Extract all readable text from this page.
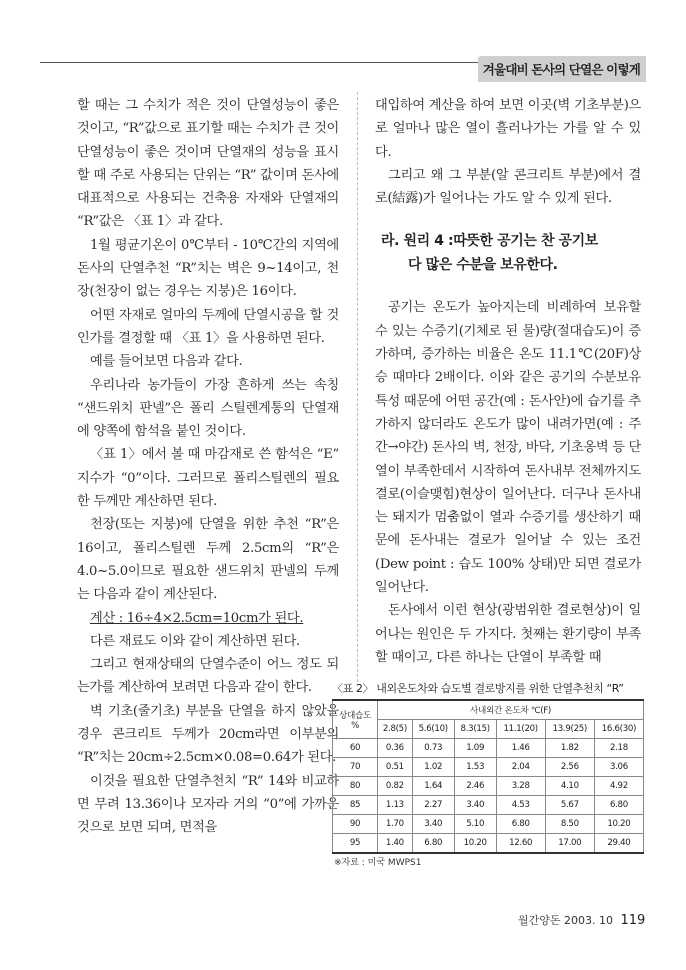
겨울대비 돈사의 단열은 이렇게

할 때는 그 수치가 적은 것이 단열성능이 좋은 것이고, “R”값으로 표기할 때는 수치가 큰 것이 단열성능이 좋은 것이며 단열재의 성능을 표시할 때 주로 사용되는 단위는 “R” 값이며 돈사에 대표적으로 사용되는 건축용 자재와 단열재의 “R”값은 〈표 1〉과 같다.

1월 평균기온이 0℃부터 - 10℃간의 지역에 돈사의 단열추천 “R”치는 벽은 9~14이고, 천장(천장이 없는 경우는 지붕)은 16이다.

어떤 자재로 얼마의 두께에 단열시공을 할 것인가를 결정할 때 〈표 1〉을 사용하면 된다.

예를 들어보면 다음과 같다.

우리나라 농가들이 가장 흔하게 쓰는 속칭 “샌드위치 판넬”은 폴리 스틸렌계통의 단열재에 양쪽에 함석을 붙인 것이다.

〈표 1〉에서 볼 때 마감재로 쓴 함석은 “E” 지수가 “0”이다. 그러므로 폴리스틸렌의 필요한 두께만 계산하면 된다.

천장(또는 지붕)에 단열을 위한 추천 “R”은 16이고, 폴리스틸렌 두께 2.5cm의 “R”은 4.0~5.0이므로 필요한 샌드위치 판넬의 두께는 다음과 같이 계산된다.

계산 : 16÷4×2.5cm=10cm가 된다.

다른 재료도 이와 같이 계산하면 된다.

그리고 현재상태의 단열수준이 어느 정도 되는가를 계산하여 보려면 다음과 같이 한다.

벽 기초(줄기초) 부분을 단열을 하지 않았을 경우 콘크리트 두께가 20cm라면 이부분의 “R”치는 20cm÷2.5cm×0.08=0.64가 된다.

이것을 필요한 단열추천치 “R” 14와 비교하면 무려 13.36이나 모자라 거의 “0”에 가까운 것으로 보면 되며, 면적을

대입하여 계산을 하여 보면 이곳(벽 기초부분)으로 얼마나 많은 열이 흘러나가는 가를 알 수 있다.

그리고 왜 그 부분(알 콘크리트 부분)에서 결로(結露)가 일어나는 가도 알 수 있게 된다.

라. 원리 4 :따뜻한 공기는 찬 공기보
다 많은 수분을 보유한다.

공기는 온도가 높아지는데 비례하여 보유할 수 있는 수증기(기체로 된 물)량(절대습도)이 증가하며, 증가하는 비율은 온도 11.1℃(20F)상승 때마다 2배이다. 이와 같은 공기의 수분보유 특성 때문에 어떤 공간(예 : 돈사안)에 습기를 추가하지 않더라도 온도가 많이 내려가면(예 : 주간→야간) 돈사의 벽, 천장, 바닥, 기초옹벽 등 단열이 부족한데서 시작하여 돈사내부 전체까지도 결로(이슬맺힘)현상이 일어난다. 더구나 돈사내는 돼지가 멈춤없이 열과 수증기를 생산하기 때문에 돈사내는 결로가 일어날 수 있는 조건(Dew point : 습도 100% 상태)만 되면 결로가 일어난다.

돈사에서 이런 현상(광범위한 결로현상)이 일어나는 원인은 두 가지다. 첫째는 환기량이 부족할 때이고, 다른 하나는 단열이 부족할 때

〈표 2〉 내외온도차와 습도별 결로방지를 위한 단열추천치 “R”
상대습도
%	사내외간 온도차 ℃(F)					
	2.8(5)	5.6(10)	8.3(15)	11.1(20)	13.9(25)	16.6(30)
60	0.36	0.73	1.09	1.46	1.82	2.18
70	0.51	1.02	1.53	2.04	2.56	3.06
80	0.82	1.64	2.46	3.28	4.10	4.92
85	1.13	2.27	3.40	4.53	5.67	6.80
90	1.70	3.40	5.10	6.80	8.50	10.20
95	1.40	6.80	10.20	12.60	17.00	29.40
※자료 : 미국 MWPS1
월간양돈 2003. 10 119
